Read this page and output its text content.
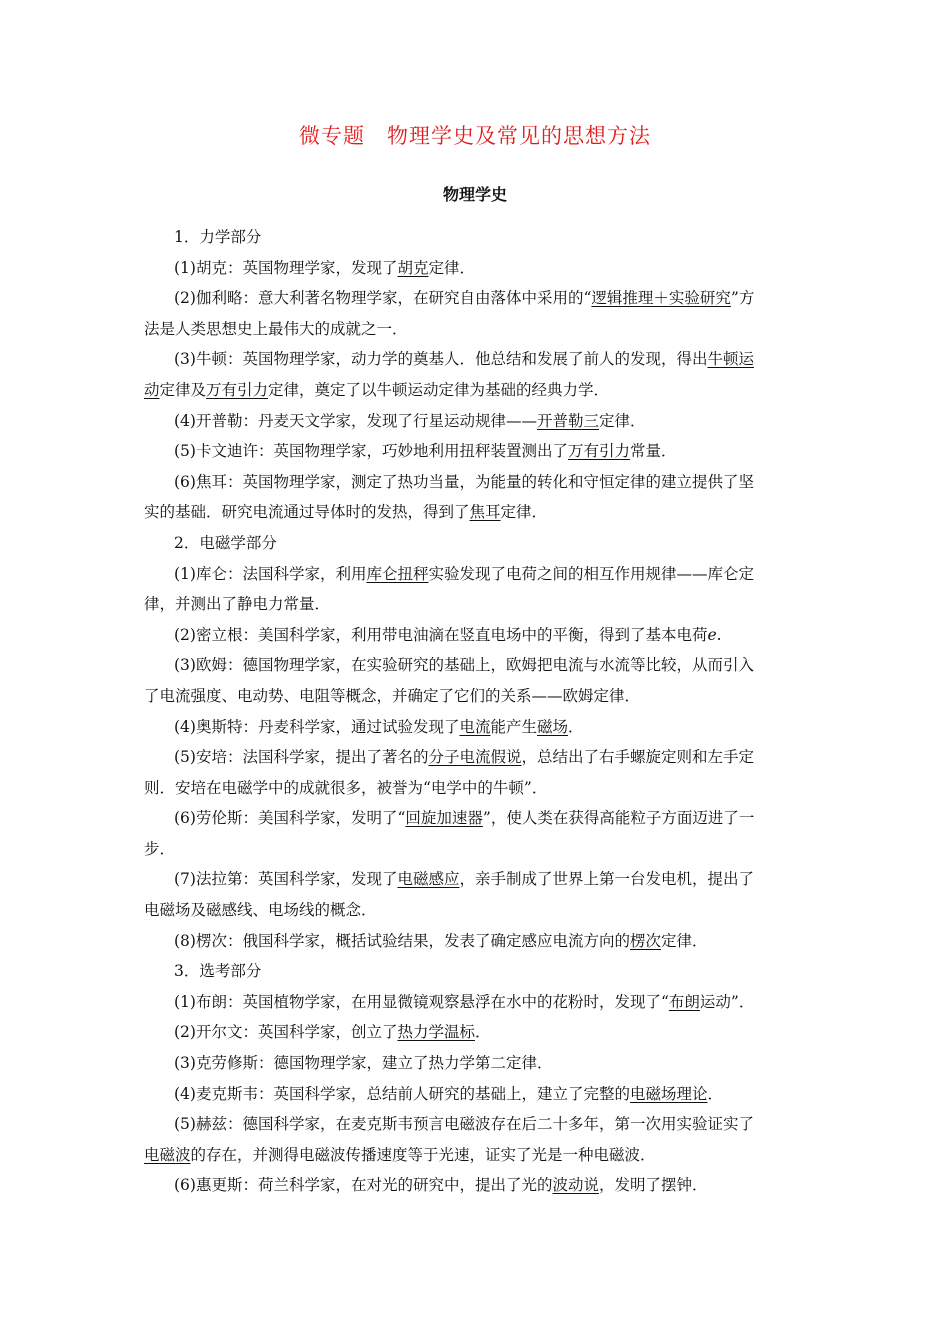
微专题　物理学史及常见的思想方法
物理学史
1．力学部分
(1)胡克：英国物理学家，发现了胡克定律．
(2)伽利略：意大利著名物理学家，在研究自由落体中采用的“逻辑推理＋实验研究”方
法是人类思想史上最伟大的成就之一．
(3)牛顿：英国物理学家，动力学的奠基人．他总结和发展了前人的发现，得出牛顿运
动定律及万有引力定律，奠定了以牛顿运动定律为基础的经典力学．
(4)开普勒：丹麦天文学家，发现了行星运动规律——开普勒三定律．
(5)卡文迪许：英国物理学家，巧妙地利用扭秤装置测出了万有引力常量．
(6)焦耳：英国物理学家，测定了热功当量，为能量的转化和守恒定律的建立提供了坚
实的基础．研究电流通过导体时的发热，得到了焦耳定律．
2．电磁学部分
(1)库仑：法国科学家，利用库仑扭秤实验发现了电荷之间的相互作用规律——库仑定
律，并测出了静电力常量．
(2)密立根：美国科学家，利用带电油滴在竖直电场中的平衡，得到了基本电荷e.
(3)欧姆：德国物理学家，在实验研究的基础上，欧姆把电流与水流等比较，从而引入
了电流强度、电动势、电阻等概念，并确定了它们的关系——欧姆定律．
(4)奥斯特：丹麦科学家，通过试验发现了电流能产生磁场．
(5)安培：法国科学家，提出了著名的分子电流假说，总结出了右手螺旋定则和左手定
则．安培在电磁学中的成就很多，被誉为“电学中的牛顿”．
(6)劳伦斯：美国科学家，发明了“回旋加速器”，使人类在获得高能粒子方面迈进了一
步．
(7)法拉第：英国科学家，发现了电磁感应，亲手制成了世界上第一台发电机，提出了
电磁场及磁感线、电场线的概念．
(8)楞次：俄国科学家，概括试验结果，发表了确定感应电流方向的楞次定律．
3．选考部分
(1)布朗：英国植物学家，在用显微镜观察悬浮在水中的花粉时，发现了“布朗运动”．
(2)开尔文：英国科学家，创立了热力学温标．
(3)克劳修斯：德国物理学家，建立了热力学第二定律．
(4)麦克斯韦：英国科学家，总结前人研究的基础上，建立了完整的电磁场理论．
(5)赫兹：德国科学家，在麦克斯韦预言电磁波存在后二十多年，第一次用实验证实了
电磁波的存在，并测得电磁波传播速度等于光速，证实了光是一种电磁波．
(6)惠更斯：荷兰科学家，在对光的研究中，提出了光的波动说，发明了摆钟．
